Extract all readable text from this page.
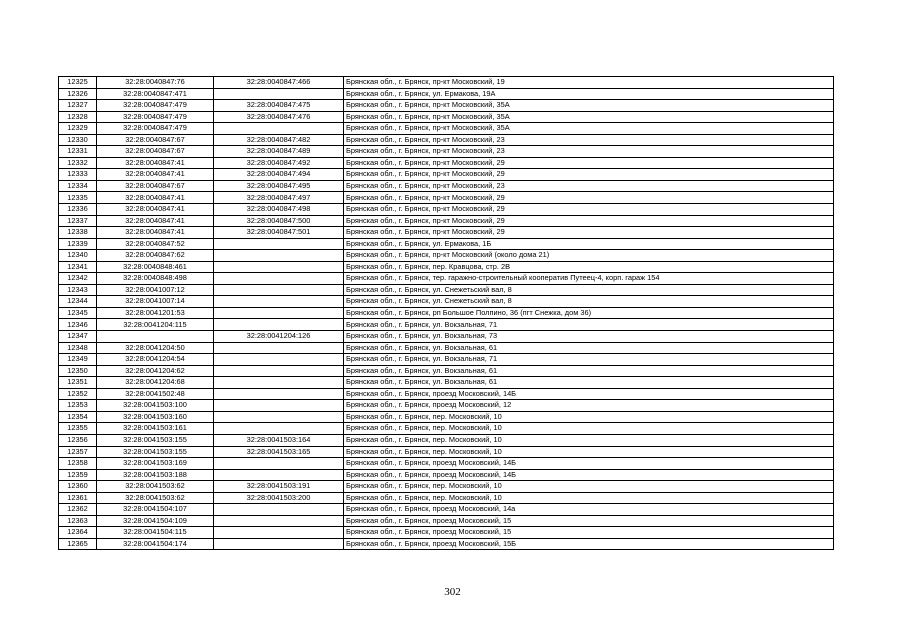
12325	32:28:0040847:76	32:28:0040847:466	Брянская обл., г. Брянск, пр-кт Московский, 19
12326	32:28:0040847:471		Брянская обл., г. Брянск, ул. Ермакова, 19А
12327	32:28:0040847:479	32:28:0040847:475	Брянская обл., г. Брянск, пр-кт Московский, 35А
12328	32:28:0040847:479	32:28:0040847:476	Брянская обл., г. Брянск, пр-кт Московский, 35А
12329	32:28:0040847:479		Брянская обл., г. Брянск, пр-кт Московский, 35А
12330	32:28:0040847:67	32:28:0040847:482	Брянская обл., г. Брянск, пр-кт Московский, 23
12331	32:28:0040847:67	32:28:0040847:489	Брянская обл., г. Брянск, пр-кт Московский, 23
12332	32:28:0040847:41	32:28:0040847:492	Брянская обл., г. Брянск, пр-кт Московский, 29
12333	32:28:0040847:41	32:28:0040847:494	Брянская обл., г. Брянск, пр-кт Московский, 29
12334	32:28:0040847:67	32:28:0040847:495	Брянская обл., г. Брянск, пр-кт Московский, 23
12335	32:28:0040847:41	32:28:0040847:497	Брянская обл., г. Брянск, пр-кт Московский, 29
12336	32:28:0040847:41	32:28:0040847:498	Брянская обл., г. Брянск, пр-кт Московский, 29
12337	32:28:0040847:41	32:28:0040847:500	Брянская обл., г. Брянск, пр-кт Московский, 29
12338	32:28:0040847:41	32:28:0040847:501	Брянская обл., г. Брянск, пр-кт Московский, 29
12339	32:28:0040847:52		Брянская обл., г. Брянск, ул. Ермакова, 1Б
12340	32:28:0040847:62		Брянская обл., г. Брянск, пр-кт Московский (около дома 21)
12341	32:28:0040848:461		Брянская обл., г. Брянск, пер. Кравцова, стр. 2В
12342	32:28:0040848:498		Брянская обл., г. Брянск, тер. гаражно-строительный кооператив Путеец-4, корп. гараж 154
12343	32:28:0041007:12		Брянская обл., г. Брянск, ул. Снежетьский вал, 8
12344	32:28:0041007:14		Брянская обл., г. Брянск, ул. Снежетьский вал, 8
12345	32:28:0041201:53		Брянская обл., г. Брянск, рп Большое Полпино, 36 (пгт Снежка, дом 36)
12346	32:28:0041204:115		Брянская обл., г. Брянск, ул. Вокзальная, 71
12347		32:28:0041204:126	Брянская обл., г. Брянск, ул. Вокзальная, 73
12348	32:28:0041204:50		Брянская обл., г. Брянск, ул. Вокзальная, 61
12349	32:28:0041204:54		Брянская обл., г. Брянск, ул. Вокзальная, 71
12350	32:28:0041204:62		Брянская обл., г. Брянск, ул. Вокзальная, 61
12351	32:28:0041204:68		Брянская обл., г. Брянск, ул. Вокзальная, 61
12352	32:28:0041502:48		Брянская обл., г. Брянск, проезд Московский, 14Б
12353	32:28:0041503:100		Брянская обл., г. Брянск, проезд Московский, 12
12354	32:28:0041503:160		Брянская обл., г. Брянск, пер. Московский, 10
12355	32:28:0041503:161		Брянская обл., г. Брянск, пер. Московский, 10
12356	32:28:0041503:155	32:28:0041503:164	Брянская обл., г. Брянск, пер. Московский, 10
12357	32:28:0041503:155	32:28:0041503:165	Брянская обл., г. Брянск, пер. Московский, 10
12358	32:28:0041503:169		Брянская обл., г. Брянск, проезд Московский, 14Б
12359	32:28:0041503:188		Брянская обл., г. Брянск, проезд Московский, 14Б
12360	32:28:0041503:62	32:28:0041503:191	Брянская обл., г. Брянск, пер. Московский, 10
12361	32:28:0041503:62	32:28:0041503:200	Брянская обл., г. Брянск, пер. Московский, 10
12362	32:28:0041504:107		Брянская обл., г. Брянск, проезд Московский, 14а
12363	32:28:0041504:109		Брянская обл., г. Брянск, проезд Московский, 15
12364	32:28:0041504:115		Брянская обл., г. Брянск, проезд Московский, 15
12365	32:28:0041504:174		Брянская обл., г. Брянск, проезд Московский, 15Б
302
